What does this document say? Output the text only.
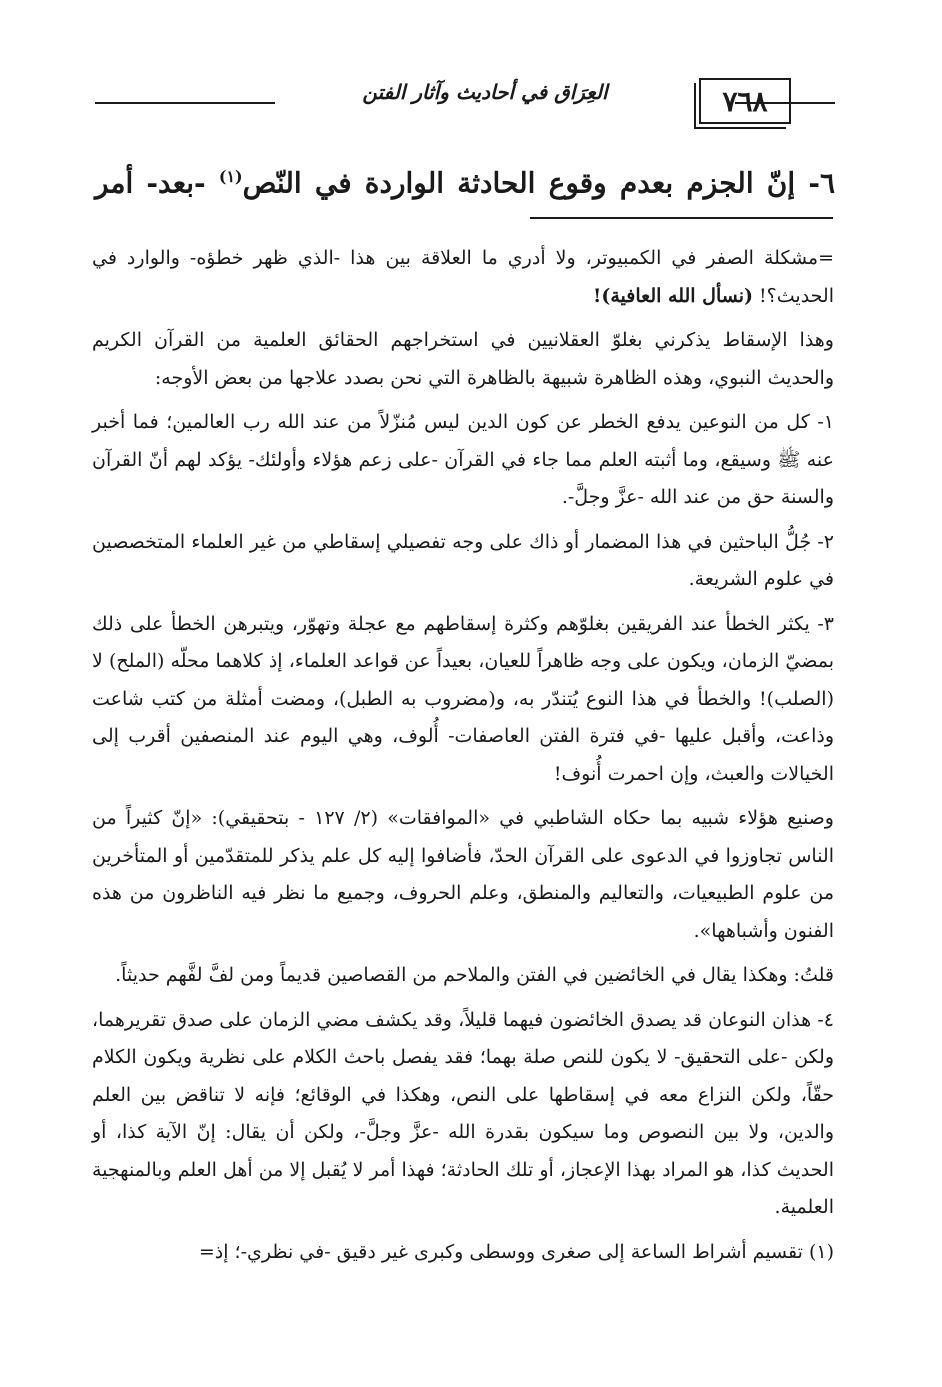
العِرَاق في أحاديث وآثار الفتن	٧٦٨
٦- إنّ الجزم بعدم وقوع الحادثة الواردة في النّص$^{(١)}$ -بعد- أمر

=مشكلة الصفر في الكمبيوتر، ولا أدري ما العلاقة بين هذا -الذي ظهر خطؤه- والوارد في الحديث؟! (نسأل الله العافية)!

وهذا الإسقاط يذكرني بغلوّ العقلانيين في استخراجهم الحقائق العلمية من القرآن الكريم والحديث النبوي، وهذه الظاهرة شبيهة بالظاهرة التي نحن بصدد علاجها من بعض الأوجه:

١- كل من النوعين يدفع الخطر عن كون الدين ليس مُنزّلاً من عند الله رب العالمين؛ فما أخبر عنه ﷺ وسيقع، وما أثبته العلم مما جاء في القرآن -على زعم هؤلاء وأولئك- يؤكد لهم أنّ القرآن والسنة حق من عند الله -عزَّ وجلَّ-.

٢- جُلُّ الباحثين في هذا المضمار أو ذاك على وجه تفصيلي إسقاطي من غير العلماء المتخصصين في علوم الشريعة.

٣- يكثر الخطأ عند الفريقين بغلوّهم وكثرة إسقاطهم مع عجلة وتهوّر، ويتبرهن الخطأ على ذلك بمضيّ الزمان، ويكون على وجه ظاهراً للعيان، بعيداً عن قواعد العلماء، إذ كلاهما محلّه (الملح) لا (الصلب)! والخطأ في هذا النوع يُتندّر به، و(مضروب به الطبل)، ومضت أمثلة من كتب شاعت وذاعت، وأقبل عليها -في فترة الفتن العاصفات- أُلوف، وهي اليوم عند المنصفين أقرب إلى الخيالات والعبث، وإن احمرت أُنوف!

وصنيع هؤلاء شبيه بما حكاه الشاطبي في «الموافقات» (٢/ ١٢٧ - بتحقيقي): «إنّ كثيراً من الناس تجاوزوا في الدعوى على القرآن الحدّ، فأضافوا إليه كل علم يذكر للمتقدّمين أو المتأخرين من علوم الطبيعيات، والتعاليم والمنطق، وعلم الحروف، وجميع ما نظر فيه الناظرون من هذه الفنون وأشباهها».

قلتُ: وهكذا يقال في الخائضين في الفتن والملاحم من القصاصين قديماً ومن لفَّ لفَّهم حديثاً.

٤- هذان النوعان قد يصدق الخائضون فيهما قليلاً، وقد يكشف مضي الزمان على صدق تقريرهما، ولكن -على التحقيق- لا يكون للنص صلة بهما؛ فقد يفصل باحث الكلام على نظرية ويكون الكلام حقّاً، ولكن النزاع معه في إسقاطها على النص، وهكذا في الوقائع؛ فإنه لا تناقض بين العلم والدين، ولا بين النصوص وما سيكون بقدرة الله -عزَّ وجلَّ-، ولكن أن يقال: إنّ الآية كذا، أو الحديث كذا، هو المراد بهذا الإعجاز، أو تلك الحادثة؛ فهذا أمر لا يُقبل إلا من أهل العلم وبالمنهجية العلمية.

(١) تقسيم أشراط الساعة إلى صغرى ووسطى وكبرى غير دقيق -في نظري-؛ إذ=
